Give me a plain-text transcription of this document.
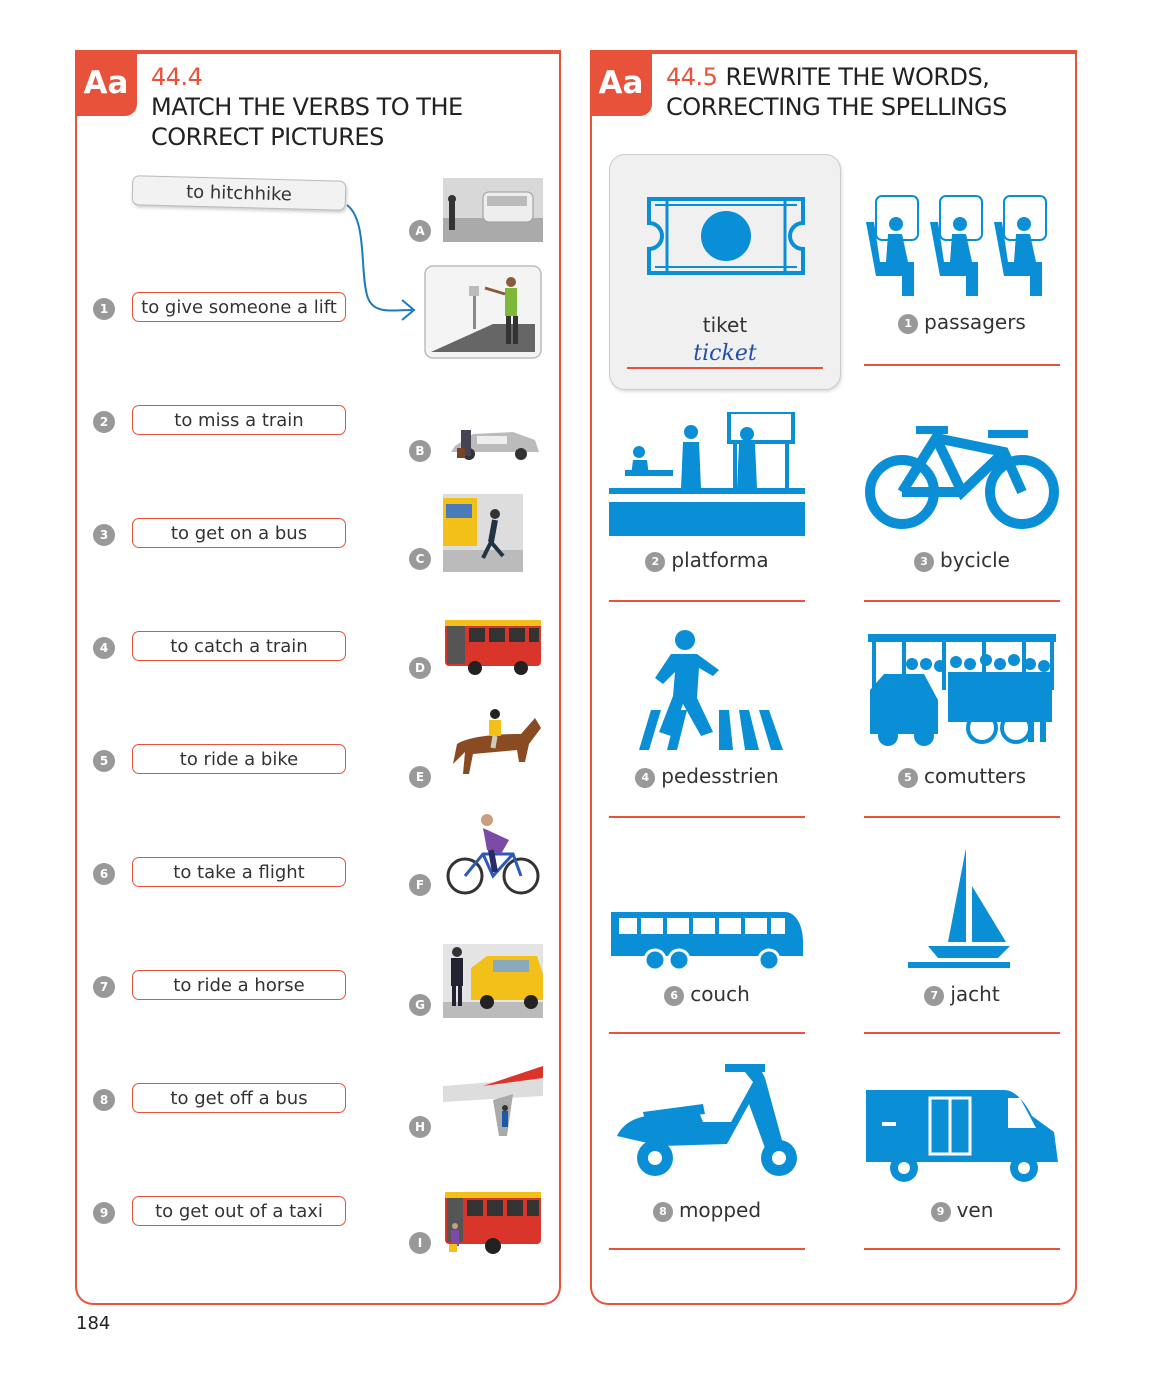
Aa 44.4MATCH THE VERBS TO THE CORRECT PICTURES
to hitchhike
1	to give someone a lift
2	to miss a train
3	to get on a bus
4	to catch a train
5	to ride a bike
6	to take a flight
7	to ride a horse
8	to get off a bus
9	to get out of a taxi
A
B
C
D
E
F
G
H
I
Aa 44.5 REWRITE THE WORDS,
CORRECTING THE SPELLINGS
tiket
ticket
1 passagers
2 platforma	3 bycicle
4 pedesstrien	5 comutters
6 couch	7 jacht
8 mopped	9 ven
184
